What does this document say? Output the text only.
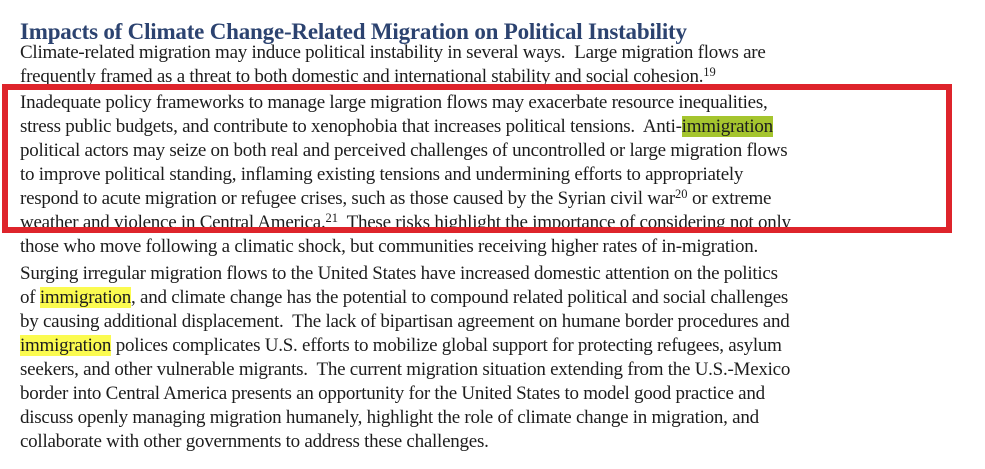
Impacts of Climate Change-Related Migration on Political Instability
Climate-related migration may induce political instability in several ways.  Large migration flows are
frequently framed as a threat to both domestic and international stability and social cohesion.$^{19}$
Inadequate policy frameworks to manage large migration flows may exacerbate resource inequalities,
stress public budgets, and contribute to xenophobia that increases political tensions.  Anti-immigration
political actors may seize on both real and perceived challenges of uncontrolled or large migration flows
to improve political standing, inflaming existing tensions and undermining efforts to appropriately
respond to acute migration or refugee crises, such as those caused by the Syrian civil war$^{20}$ or extreme
weather and violence in Central America.$^{21}$  These risks highlight the importance of considering not only
those who move following a climatic shock, but communities receiving higher rates of in-migration.
Surging irregular migration flows to the United States have increased domestic attention on the politics
of immigration, and climate change has the potential to compound related political and social challenges
by causing additional displacement.  The lack of bipartisan agreement on humane border procedures and
immigration polices complicates U.S. efforts to mobilize global support for protecting refugees, asylum
seekers, and other vulnerable migrants.  The current migration situation extending from the U.S.-Mexico
border into Central America presents an opportunity for the United States to model good practice and
discuss openly managing migration humanely, highlight the role of climate change in migration, and
collaborate with other governments to address these challenges.
